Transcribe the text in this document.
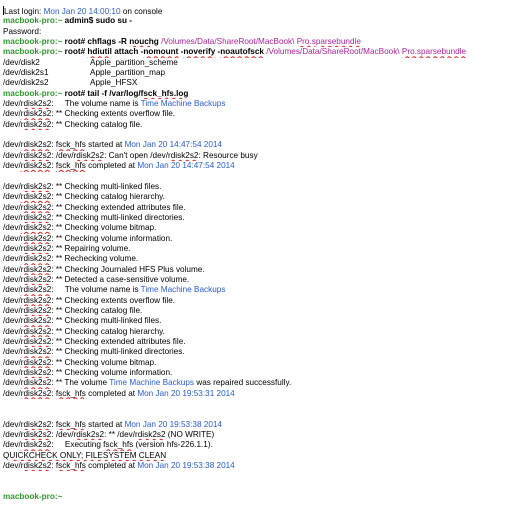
Last login: Mon Jan 20 14:00:10 on console
macbook-pro:~ admin$ sudo su -
Password:
macbook-pro:~ root# chflags -R nouchg /Volumes/Data/ShareRoot/MacBook\ Pro.sparsebundle
macbook-pro:~ root# hdiutil attach -nomount -noverify -noautofsck /Volumes/Data/ShareRoot/MacBook\ Pro.sparsebundle
/dev/disk2	Apple_partition_scheme
/dev/disk2s1	Apple_partition_map
/dev/disk2s2	Apple_HFSX
macbook-pro:~ root# tail -f /var/log/fsck_hfs.log
/dev/rdisk2s2:     The volume name is Time Machine Backups
/dev/rdisk2s2: ** Checking extents overflow file.
/dev/rdisk2s2: ** Checking catalog file.
/dev/rdisk2s2: fsck_hfs started at Mon Jan 20 14:47:54 2014
/dev/rdisk2s2: /dev/rdisk2s2: Can't open /dev/rdisk2s2: Resource busy
/dev/rdisk2s2: fsck_hfs completed at Mon Jan 20 14:47:54 2014
/dev/rdisk2s2: ** Checking multi-linked files.
/dev/rdisk2s2: ** Checking catalog hierarchy.
/dev/rdisk2s2: ** Checking extended attributes file.
/dev/rdisk2s2: ** Checking multi-linked directories.
/dev/rdisk2s2: ** Checking volume bitmap.
/dev/rdisk2s2: ** Checking volume information.
/dev/rdisk2s2: ** Repairing volume.
/dev/rdisk2s2: ** Rechecking volume.
/dev/rdisk2s2: ** Checking Journaled HFS Plus volume.
/dev/rdisk2s2: ** Detected a case-sensitive volume.
/dev/rdisk2s2:     The volume name is Time Machine Backups
/dev/rdisk2s2: ** Checking extents overflow file.
/dev/rdisk2s2: ** Checking catalog file.
/dev/rdisk2s2: ** Checking multi-linked files.
/dev/rdisk2s2: ** Checking catalog hierarchy.
/dev/rdisk2s2: ** Checking extended attributes file.
/dev/rdisk2s2: ** Checking multi-linked directories.
/dev/rdisk2s2: ** Checking volume bitmap.
/dev/rdisk2s2: ** Checking volume information.
/dev/rdisk2s2: ** The volume Time Machine Backups was repaired successfully.
/dev/rdisk2s2: fsck_hfs completed at Mon Jan 20 19:53:31 2014
/dev/rdisk2s2: fsck_hfs started at Mon Jan 20 19:53:38 2014
/dev/rdisk2s2: /dev/rdisk2s2: ** /dev/rdisk2s2 (NO WRITE)
/dev/rdisk2s2:     Executing fsck_hfs (version hfs-226.1.1).
QUICKCHECK ONLY; FILESYSTEM CLEAN
/dev/rdisk2s2: fsck_hfs completed at Mon Jan 20 19:53:38 2014
macbook-pro:~
